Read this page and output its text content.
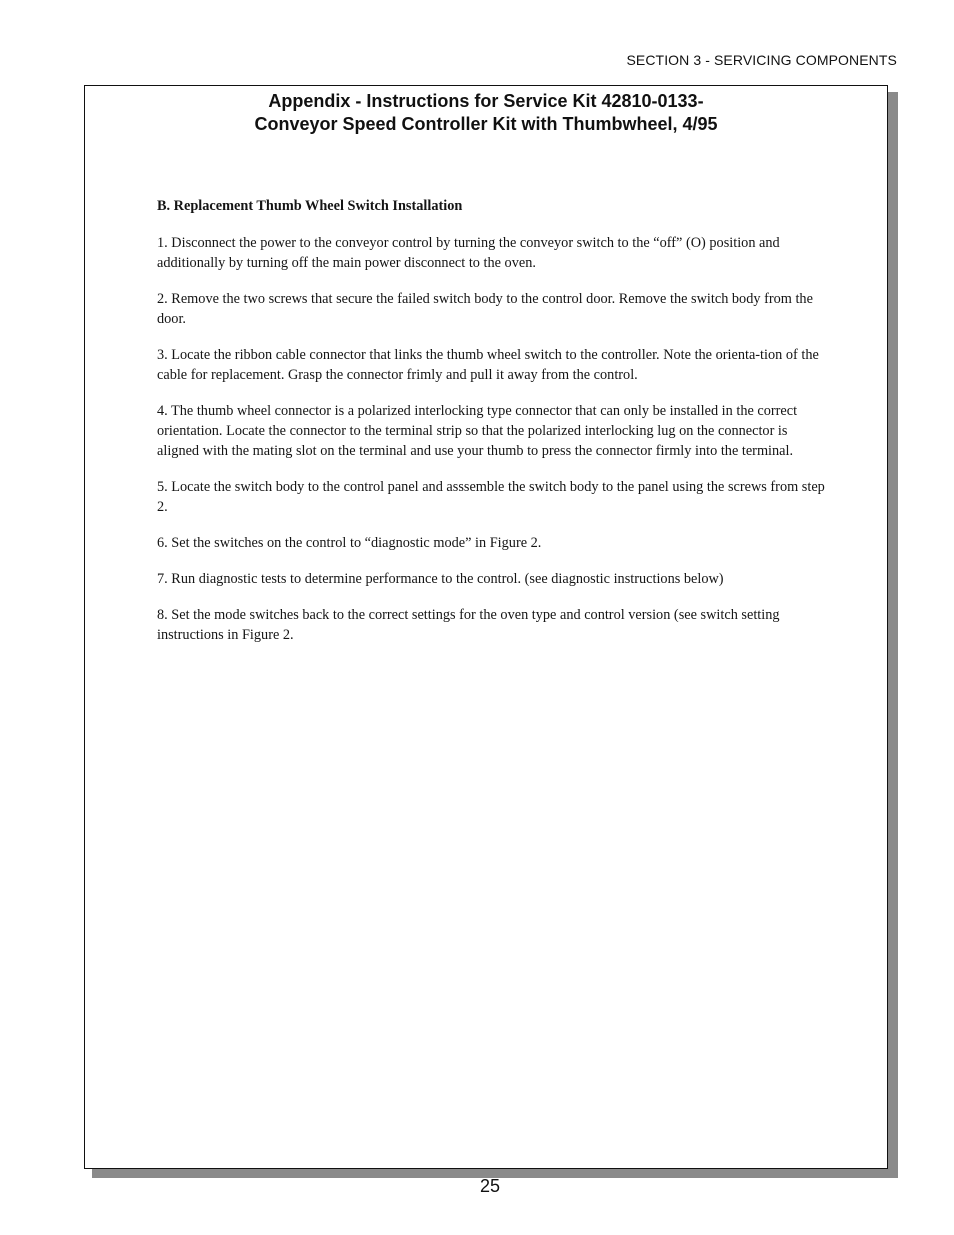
SECTION 3 - SERVICING COMPONENTS
Appendix - Instructions for Service Kit 42810-0133-
Conveyor Speed Controller Kit with Thumbwheel, 4/95

B. Replacement Thumb Wheel Switch Installation

1. Disconnect the power to the conveyor control by turning the conveyor switch to the “off” (O) position and additionally by turning off the main power disconnect to the oven.

2. Remove the two screws that secure the failed switch body to the control door. Remove the switch body from the door.

3. Locate the ribbon cable connector that links the thumb wheel switch to the controller. Note the orienta-tion of the cable for replacement. Grasp the connector frimly and pull it away from the control.

4. The thumb wheel connector is a polarized interlocking type connector that can only be installed in the correct orientation. Locate the connector to the terminal strip so that the polarized interlocking lug on the connector is aligned with the mating slot on the terminal and use your thumb to press the connector firmly into the terminal.

5. Locate the switch body to the control panel and asssemble the switch body to the panel using the screws from step 2.

6. Set the switches on the control to “diagnostic mode” in Figure 2.

7. Run diagnostic tests to determine performance to the control. (see diagnostic instructions below)

8. Set the mode switches back to the correct settings for the oven type and control version (see switch setting instructions in Figure 2.

25
